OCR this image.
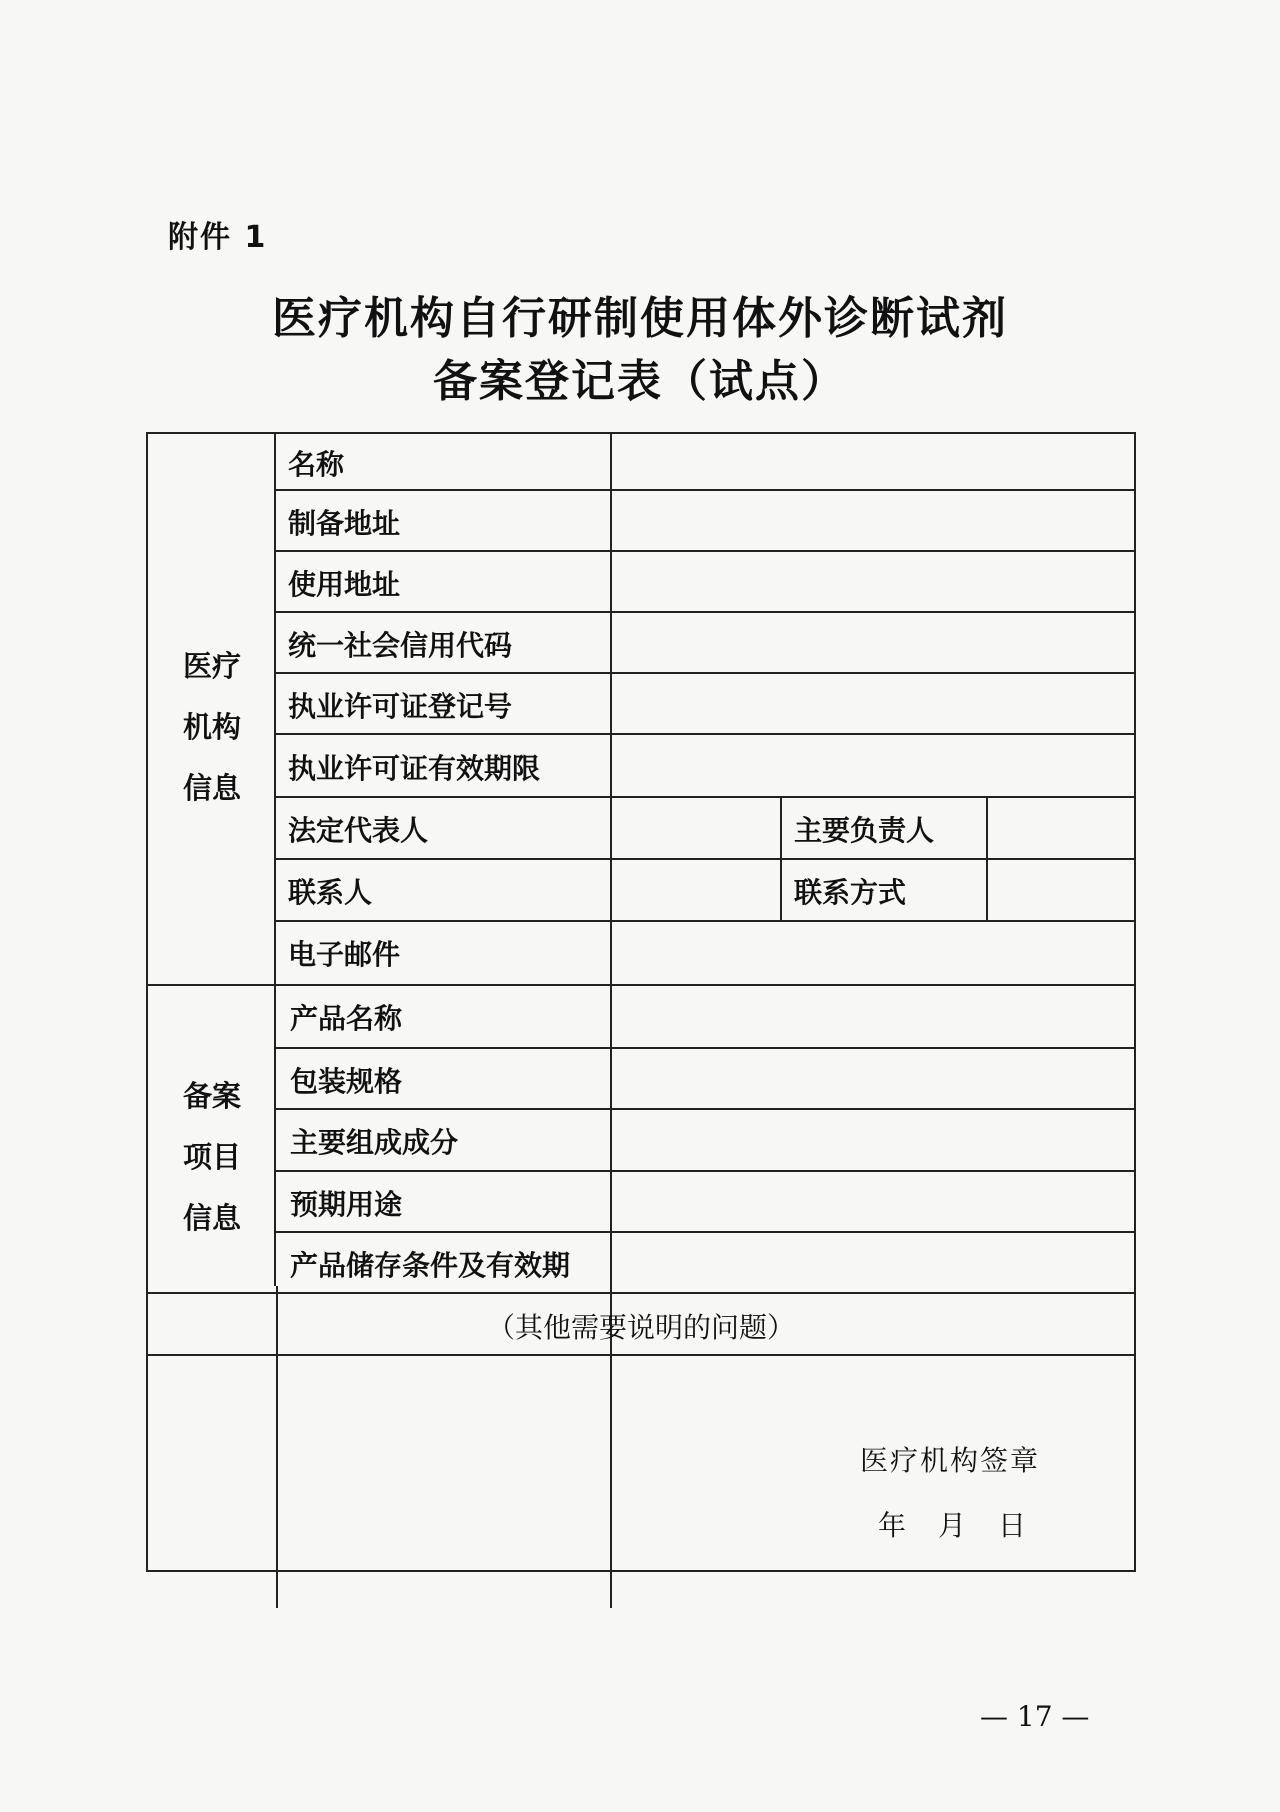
附件 1
医疗机构自行研制使用体外诊断试剂
备案登记表（试点）
医疗
机构
信息
备案
项目
信息
名称
制备地址
使用地址
统一社会信用代码
执业许可证登记号
执业许可证有效期限
法定代表人	主要负责人
联系人	联系方式
电子邮件
产品名称
包装规格
主要组成成分
预期用途
产品储存条件及有效期
（其他需要说明的问题）
医疗机构签章
年　月　日
— 17 —
